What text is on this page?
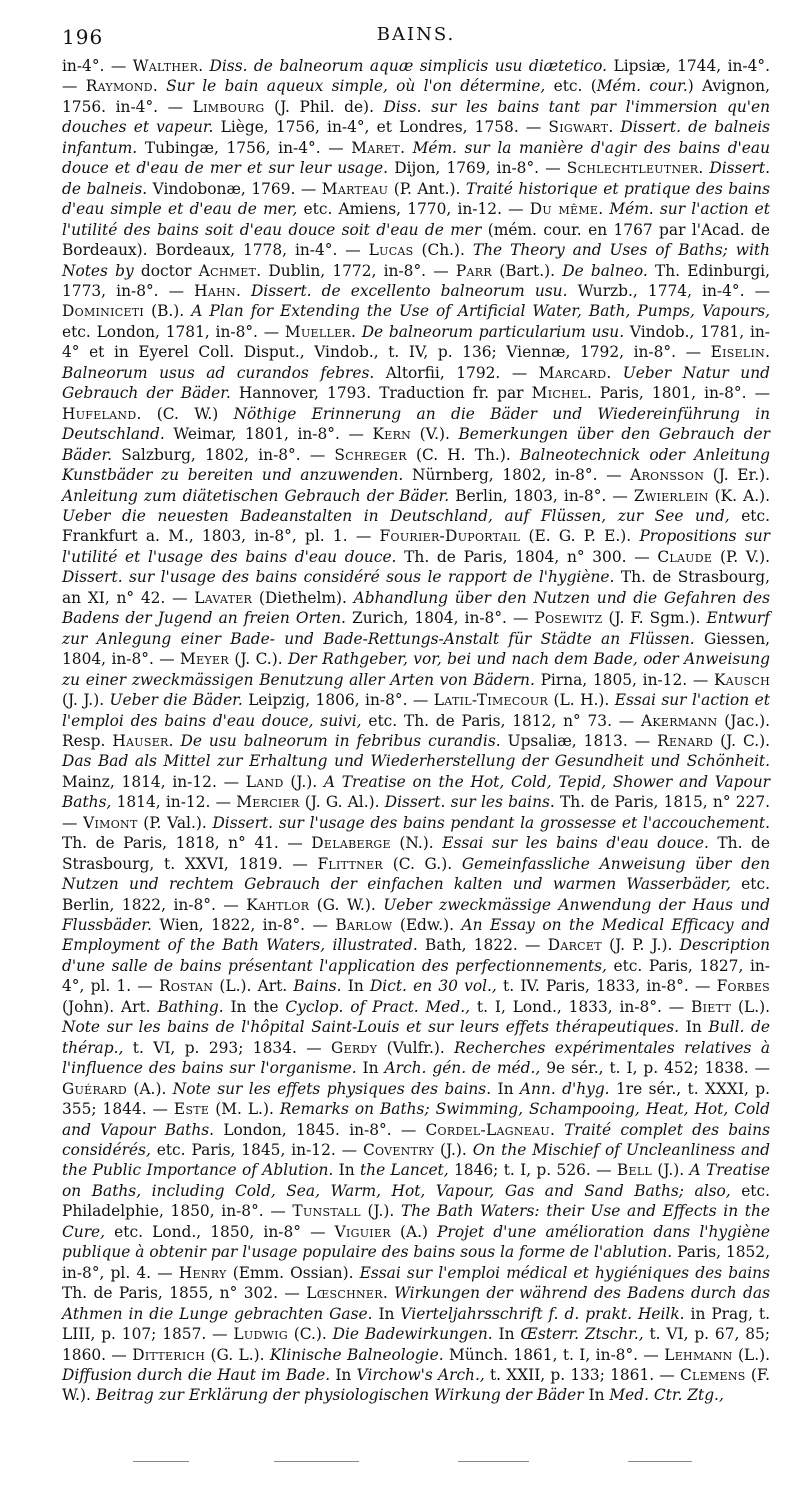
196	BAINS.

in-4°. — Walther. Diss. de balneorum aquæ simplicis usu diætetico. Lipsiæ, 1744, in-4°. — Raymond. Sur le bain aqueux simple, où l'on détermine, etc. (Mém. cour.) Avignon, 1756. in-4°. — Limbourg (J. Phil. de). Diss. sur les bains tant par l'immersion qu'en douches et vapeur. Liège, 1756, in-4°, et Londres, 1758. — Sigwart. Dissert. de balneis infantum. Tubingæ, 1756, in-4°. — Maret. Mém. sur la manière d'agir des bains d'eau douce et d'eau de mer et sur leur usage. Dijon, 1769, in-8°. — Schlechtleutner. Dissert. de balneis. Vindobonæ, 1769. — Marteau (P. Ant.). Traité historique et pratique des bains d'eau simple et d'eau de mer, etc. Amiens, 1770, in-12. — Du même. Mém. sur l'action et l'utilité des bains soit d'eau douce soit d'eau de mer (mém. cour. en 1767 par l'Acad. de Bordeaux). Bordeaux, 1778, in-4°. — Lucas (Ch.). The Theory and Uses of Baths; with Notes by doctor Achmet. Dublin, 1772, in-8°. — Parr (Bart.). De balneo. Th. Edinburgi, 1773, in-8°. — Hahn. Dissert. de excellento balneorum usu. Wurzb., 1774, in-4°. — Dominiceti (B.). A Plan for Extending the Use of Artificial Water, Bath, Pumps, Vapours, etc. London, 1781, in-8°. — Mueller. De balneorum particularium usu. Vindob., 1781, in-4° et in Eyerel Coll. Disput., Vindob., t. IV, p. 136; Viennæ, 1792, in-8°. — Eiselin. Balneorum usus ad curandos febres. Altorfii, 1792. — Marcard. Ueber Natur und Gebrauch der Bäder. Hannover, 1793. Traduction fr. par Michel. Paris, 1801, in-8°. — Hufeland. (C. W.) Nöthige Erinnerung an die Bäder und Wiedereinführung in Deutschland. Weimar, 1801, in-8°. — Kern (V.). Bemerkungen über den Gebrauch der Bäder. Salzburg, 1802, in-8°. — Schreger (C. H. Th.). Balneotechnick oder Anleitung Kunstbäder zu bereiten und anzuwenden. Nürnberg, 1802, in-8°. — Aronsson (J. Er.). Anleitung zum diätetischen Gebrauch der Bäder. Berlin, 1803, in-8°. — Zwierlein (K. A.). Ueber die neuesten Badeanstalten in Deutschland, auf Flüssen, zur See und, etc. Frankfurt a. M., 1803, in-8°, pl. 1. — Fourier-Duportail (E. G. P. E.). Propositions sur l'utilité et l'usage des bains d'eau douce. Th. de Paris, 1804, n° 300. — Claude (P. V.). Dissert. sur l'usage des bains considéré sous le rapport de l'hygiène. Th. de Strasbourg, an XI, n° 42. — Lavater (Diethelm). Abhandlung über den Nutzen und die Gefahren des Badens der Jugend an freien Orten. Zurich, 1804, in-8°. — Posewitz (J. F. Sgm.). Entwurf zur Anlegung einer Bade- und Bade-Rettungs-Anstalt für Städte an Flüssen. Giessen, 1804, in-8°. — Meyer (J. C.). Der Rathgeber, vor, bei und nach dem Bade, oder Anweisung zu einer zweckmässigen Benutzung aller Arten von Bädern. Pirna, 1805, in-12. — Kausch (J. J.). Ueber die Bäder. Leipzig, 1806, in-8°. — Latil-Timecour (L. H.). Essai sur l'action et l'emploi des bains d'eau douce, suivi, etc. Th. de Paris, 1812, n° 73. — Akermann (Jac.). Resp. Hauser. De usu balneorum in febribus curandis. Upsaliæ, 1813. — Renard (J. C.). Das Bad als Mittel zur Erhaltung und Wiederherstellung der Gesundheit und Schönheit. Mainz, 1814, in-12. — Land (J.). A Treatise on the Hot, Cold, Tepid, Shower and Vapour Baths, 1814, in-12. — Mercier (J. G. Al.). Dissert. sur les bains. Th. de Paris, 1815, n° 227. — Vimont (P. Val.). Dissert. sur l'usage des bains pendant la grossesse et l'accouchement. Th. de Paris, 1818, n° 41. — Delaberge (N.). Essai sur les bains d'eau douce. Th. de Strasbourg, t. XXVI, 1819. — Flittner (C. G.). Gemeinfassliche Anweisung über den Nutzen und rechtem Gebrauch der einfachen kalten und warmen Wasserbäder, etc. Berlin, 1822, in-8°. — Kahtlor (G. W.). Ueber zweckmässige Anwendung der Haus und Flussbäder. Wien, 1822, in-8°. — Barlow (Edw.). An Essay on the Medical Efficacy and Employment of the Bath Waters, illustrated. Bath, 1822. — Darcet (J. P. J.). Description d'une salle de bains présentant l'application des perfectionnements, etc. Paris, 1827, in-4°, pl. 1. — Rostan (L.). Art. Bains. In Dict. en 30 vol., t. IV. Paris, 1833, in-8°. — Forbes (John). Art. Bathing. In the Cyclop. of Pract. Med., t. I, Lond., 1833, in-8°. — Biett (L.). Note sur les bains de l'hôpital Saint-Louis et sur leurs effets thérapeutiques. In Bull. de thérap., t. VI, p. 293; 1834. — Gerdy (Vulfr.). Recherches expérimentales relatives à l'influence des bains sur l'organisme. In Arch. gén. de méd., 9e sér., t. I, p. 452; 1838. — Guérard (A.). Note sur les effets physiques des bains. In Ann. d'hyg. 1re sér., t. XXXI, p. 355; 1844. — Este (M. L.). Remarks on Baths; Swimming, Schampooing, Heat, Hot, Cold and Vapour Baths. London, 1845. in-8°. — Cordel-Lagneau. Traité complet des bains considérés, etc. Paris, 1845, in-12. — Coventry (J.). On the Mischief of Uncleanliness and the Public Importance of Ablution. In the Lancet, 1846; t. I, p. 526. — Bell (J.). A Treatise on Baths, including Cold, Sea, Warm, Hot, Vapour, Gas and Sand Baths; also, etc. Philadelphie, 1850, in-8°. — Tunstall (J.). The Bath Waters: their Use and Effects in the Cure, etc. Lond., 1850, in-8° — Viguier (A.) Projet d'une amélioration dans l'hygiène publique à obtenir par l'usage populaire des bains sous la forme de l'ablution. Paris, 1852, in-8°, pl. 4. — Henry (Emm. Ossian). Essai sur l'emploi médical et hygiéniques des bains Th. de Paris, 1855, n° 302. — Lœschner. Wirkungen der während des Badens durch das Athmen in die Lunge gebrachten Gase. In Vierteljahrsschrift f. d. prakt. Heilk. in Prag, t. LIII, p. 107; 1857. — Ludwig (C.). Die Badewirkungen. In Œsterr. Ztschr., t. VI, p. 67, 85; 1860. — Ditterich (G. L.). Klinische Balneologie. Münch. 1861, t. I, in-8°. — Lehmann (L.). Diffusion durch die Haut im Bade. In Virchow's Arch., t. XXII, p. 133; 1861. — Clemens (F. W.). Beitrag zur Erklärung der physiologischen Wirkung der Bäder In Med. Ctr. Ztg.,
